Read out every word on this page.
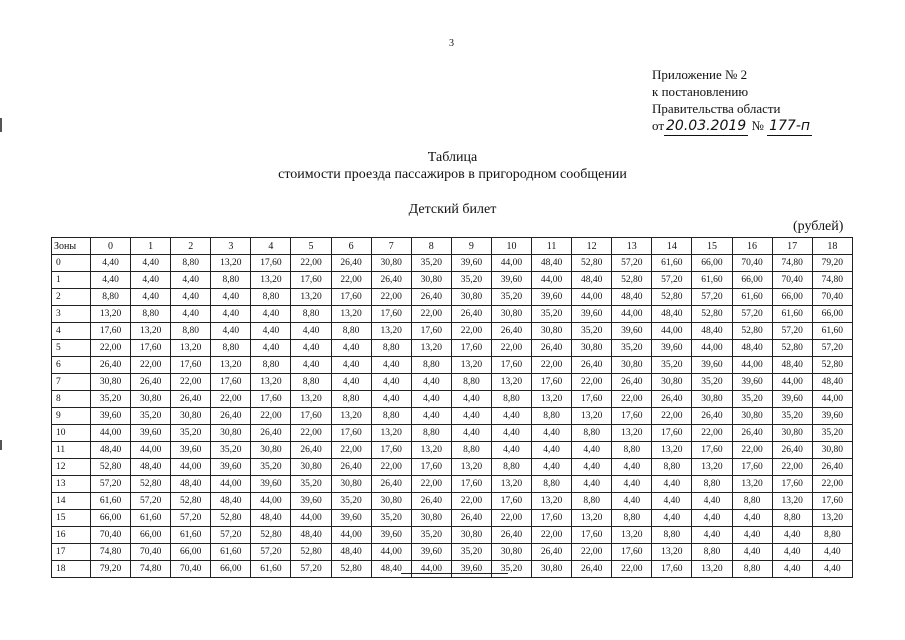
3
Приложение № 2
к постановлению
Правительства области
от 20.03.2019 № 177-п
Таблица
стоимости проезда пассажиров в пригородном сообщении
Детский билет
(рублей)
Зоны	0	1	2	3	4	5	6	7	8	9	10	11	12	13	14	15	16	17	18
0	4,40	4,40	8,80	13,20	17,60	22,00	26,40	30,80	35,20	39,60	44,00	48,40	52,80	57,20	61,60	66,00	70,40	74,80	79,20
1	4,40	4,40	4,40	8,80	13,20	17,60	22,00	26,40	30,80	35,20	39,60	44,00	48,40	52,80	57,20	61,60	66,00	70,40	74,80
2	8,80	4,40	4,40	4,40	8,80	13,20	17,60	22,00	26,40	30,80	35,20	39,60	44,00	48,40	52,80	57,20	61,60	66,00	70,40
3	13,20	8,80	4,40	4,40	4,40	8,80	13,20	17,60	22,00	26,40	30,80	35,20	39,60	44,00	48,40	52,80	57,20	61,60	66,00
4	17,60	13,20	8,80	4,40	4,40	4,40	8,80	13,20	17,60	22,00	26,40	30,80	35,20	39,60	44,00	48,40	52,80	57,20	61,60
5	22,00	17,60	13,20	8,80	4,40	4,40	4,40	8,80	13,20	17,60	22,00	26,40	30,80	35,20	39,60	44,00	48,40	52,80	57,20
6	26,40	22,00	17,60	13,20	8,80	4,40	4,40	4,40	8,80	13,20	17,60	22,00	26,40	30,80	35,20	39,60	44,00	48,40	52,80
7	30,80	26,40	22,00	17,60	13,20	8,80	4,40	4,40	4,40	8,80	13,20	17,60	22,00	26,40	30,80	35,20	39,60	44,00	48,40
8	35,20	30,80	26,40	22,00	17,60	13,20	8,80	4,40	4,40	4,40	8,80	13,20	17,60	22,00	26,40	30,80	35,20	39,60	44,00
9	39,60	35,20	30,80	26,40	22,00	17,60	13,20	8,80	4,40	4,40	4,40	8,80	13,20	17,60	22,00	26,40	30,80	35,20	39,60
10	44,00	39,60	35,20	30,80	26,40	22,00	17,60	13,20	8,80	4,40	4,40	4,40	8,80	13,20	17,60	22,00	26,40	30,80	35,20
11	48,40	44,00	39,60	35,20	30,80	26,40	22,00	17,60	13,20	8,80	4,40	4,40	4,40	8,80	13,20	17,60	22,00	26,40	30,80
12	52,80	48,40	44,00	39,60	35,20	30,80	26,40	22,00	17,60	13,20	8,80	4,40	4,40	4,40	8,80	13,20	17,60	22,00	26,40
13	57,20	52,80	48,40	44,00	39,60	35,20	30,80	26,40	22,00	17,60	13,20	8,80	4,40	4,40	4,40	8,80	13,20	17,60	22,00
14	61,60	57,20	52,80	48,40	44,00	39,60	35,20	30,80	26,40	22,00	17,60	13,20	8,80	4,40	4,40	4,40	8,80	13,20	17,60
15	66,00	61,60	57,20	52,80	48,40	44,00	39,60	35,20	30,80	26,40	22,00	17,60	13,20	8,80	4,40	4,40	4,40	8,80	13,20
16	70,40	66,00	61,60	57,20	52,80	48,40	44,00	39,60	35,20	30,80	26,40	22,00	17,60	13,20	8,80	4,40	4,40	4,40	8,80
17	74,80	70,40	66,00	61,60	57,20	52,80	48,40	44,00	39,60	35,20	30,80	26,40	22,00	17,60	13,20	8,80	4,40	4,40	4,40
18	79,20	74,80	70,40	66,00	61,60	57,20	52,80	48,40	44,00	39,60	35,20	30,80	26,40	22,00	17,60	13,20	8,80	4,40	4,40
